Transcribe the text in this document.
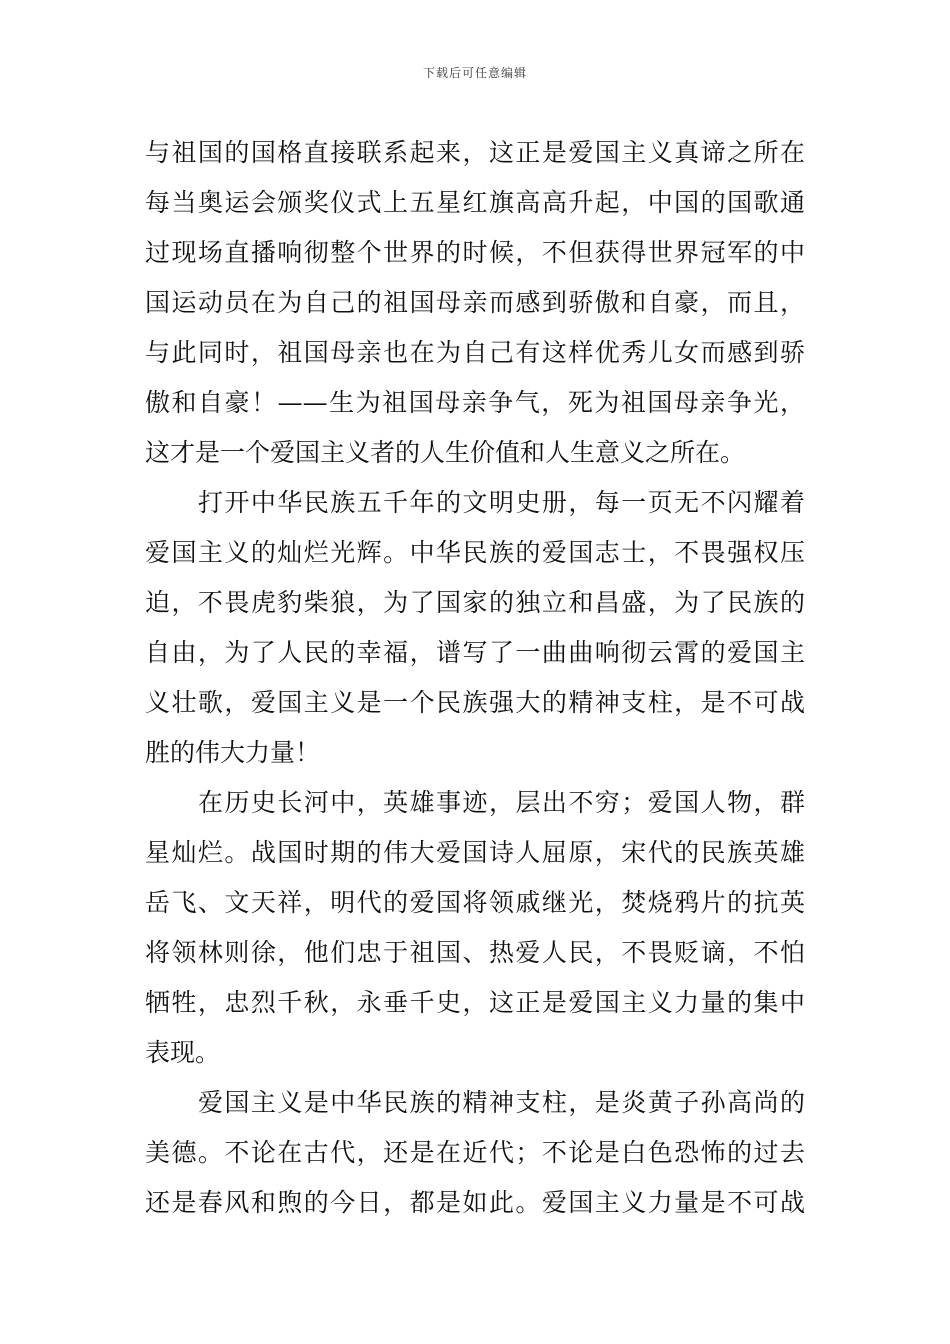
下载后可任意编辑
与祖国的国格直接联系起来，这正是爱国主义真谛之所在
每当奥运会颁奖仪式上五星红旗高高升起，中国的国歌通
过现场直播响彻整个世界的时候，不但获得世界冠军的中
国运动员在为自己的祖国母亲而感到骄傲和自豪，而且，
与此同时，祖国母亲也在为自己有这样优秀儿女而感到骄
傲和自豪！——生为祖国母亲争气，死为祖国母亲争光，
这才是一个爱国主义者的人生价值和人生意义之所在。
打开中华民族五千年的文明史册，每一页无不闪耀着
爱国主义的灿烂光辉。中华民族的爱国志士，不畏强权压
迫，不畏虎豹柴狼，为了国家的独立和昌盛，为了民族的
自由，为了人民的幸福，谱写了一曲曲响彻云霄的爱国主
义壮歌，爱国主义是一个民族强大的精神支柱，是不可战
胜的伟大力量！
在历史长河中，英雄事迹，层出不穷；爱国人物，群
星灿烂。战国时期的伟大爱国诗人屈原，宋代的民族英雄
岳飞、文天祥，明代的爱国将领戚继光，焚烧鸦片的抗英
将领林则徐，他们忠于祖国、热爱人民，不畏贬谪，不怕
牺牲，忠烈千秋，永垂千史，这正是爱国主义力量的集中
表现。
爱国主义是中华民族的精神支柱，是炎黄子孙高尚的
美德。不论在古代，还是在近代；不论是白色恐怖的过去
还是春风和煦的今日，都是如此。爱国主义力量是不可战
